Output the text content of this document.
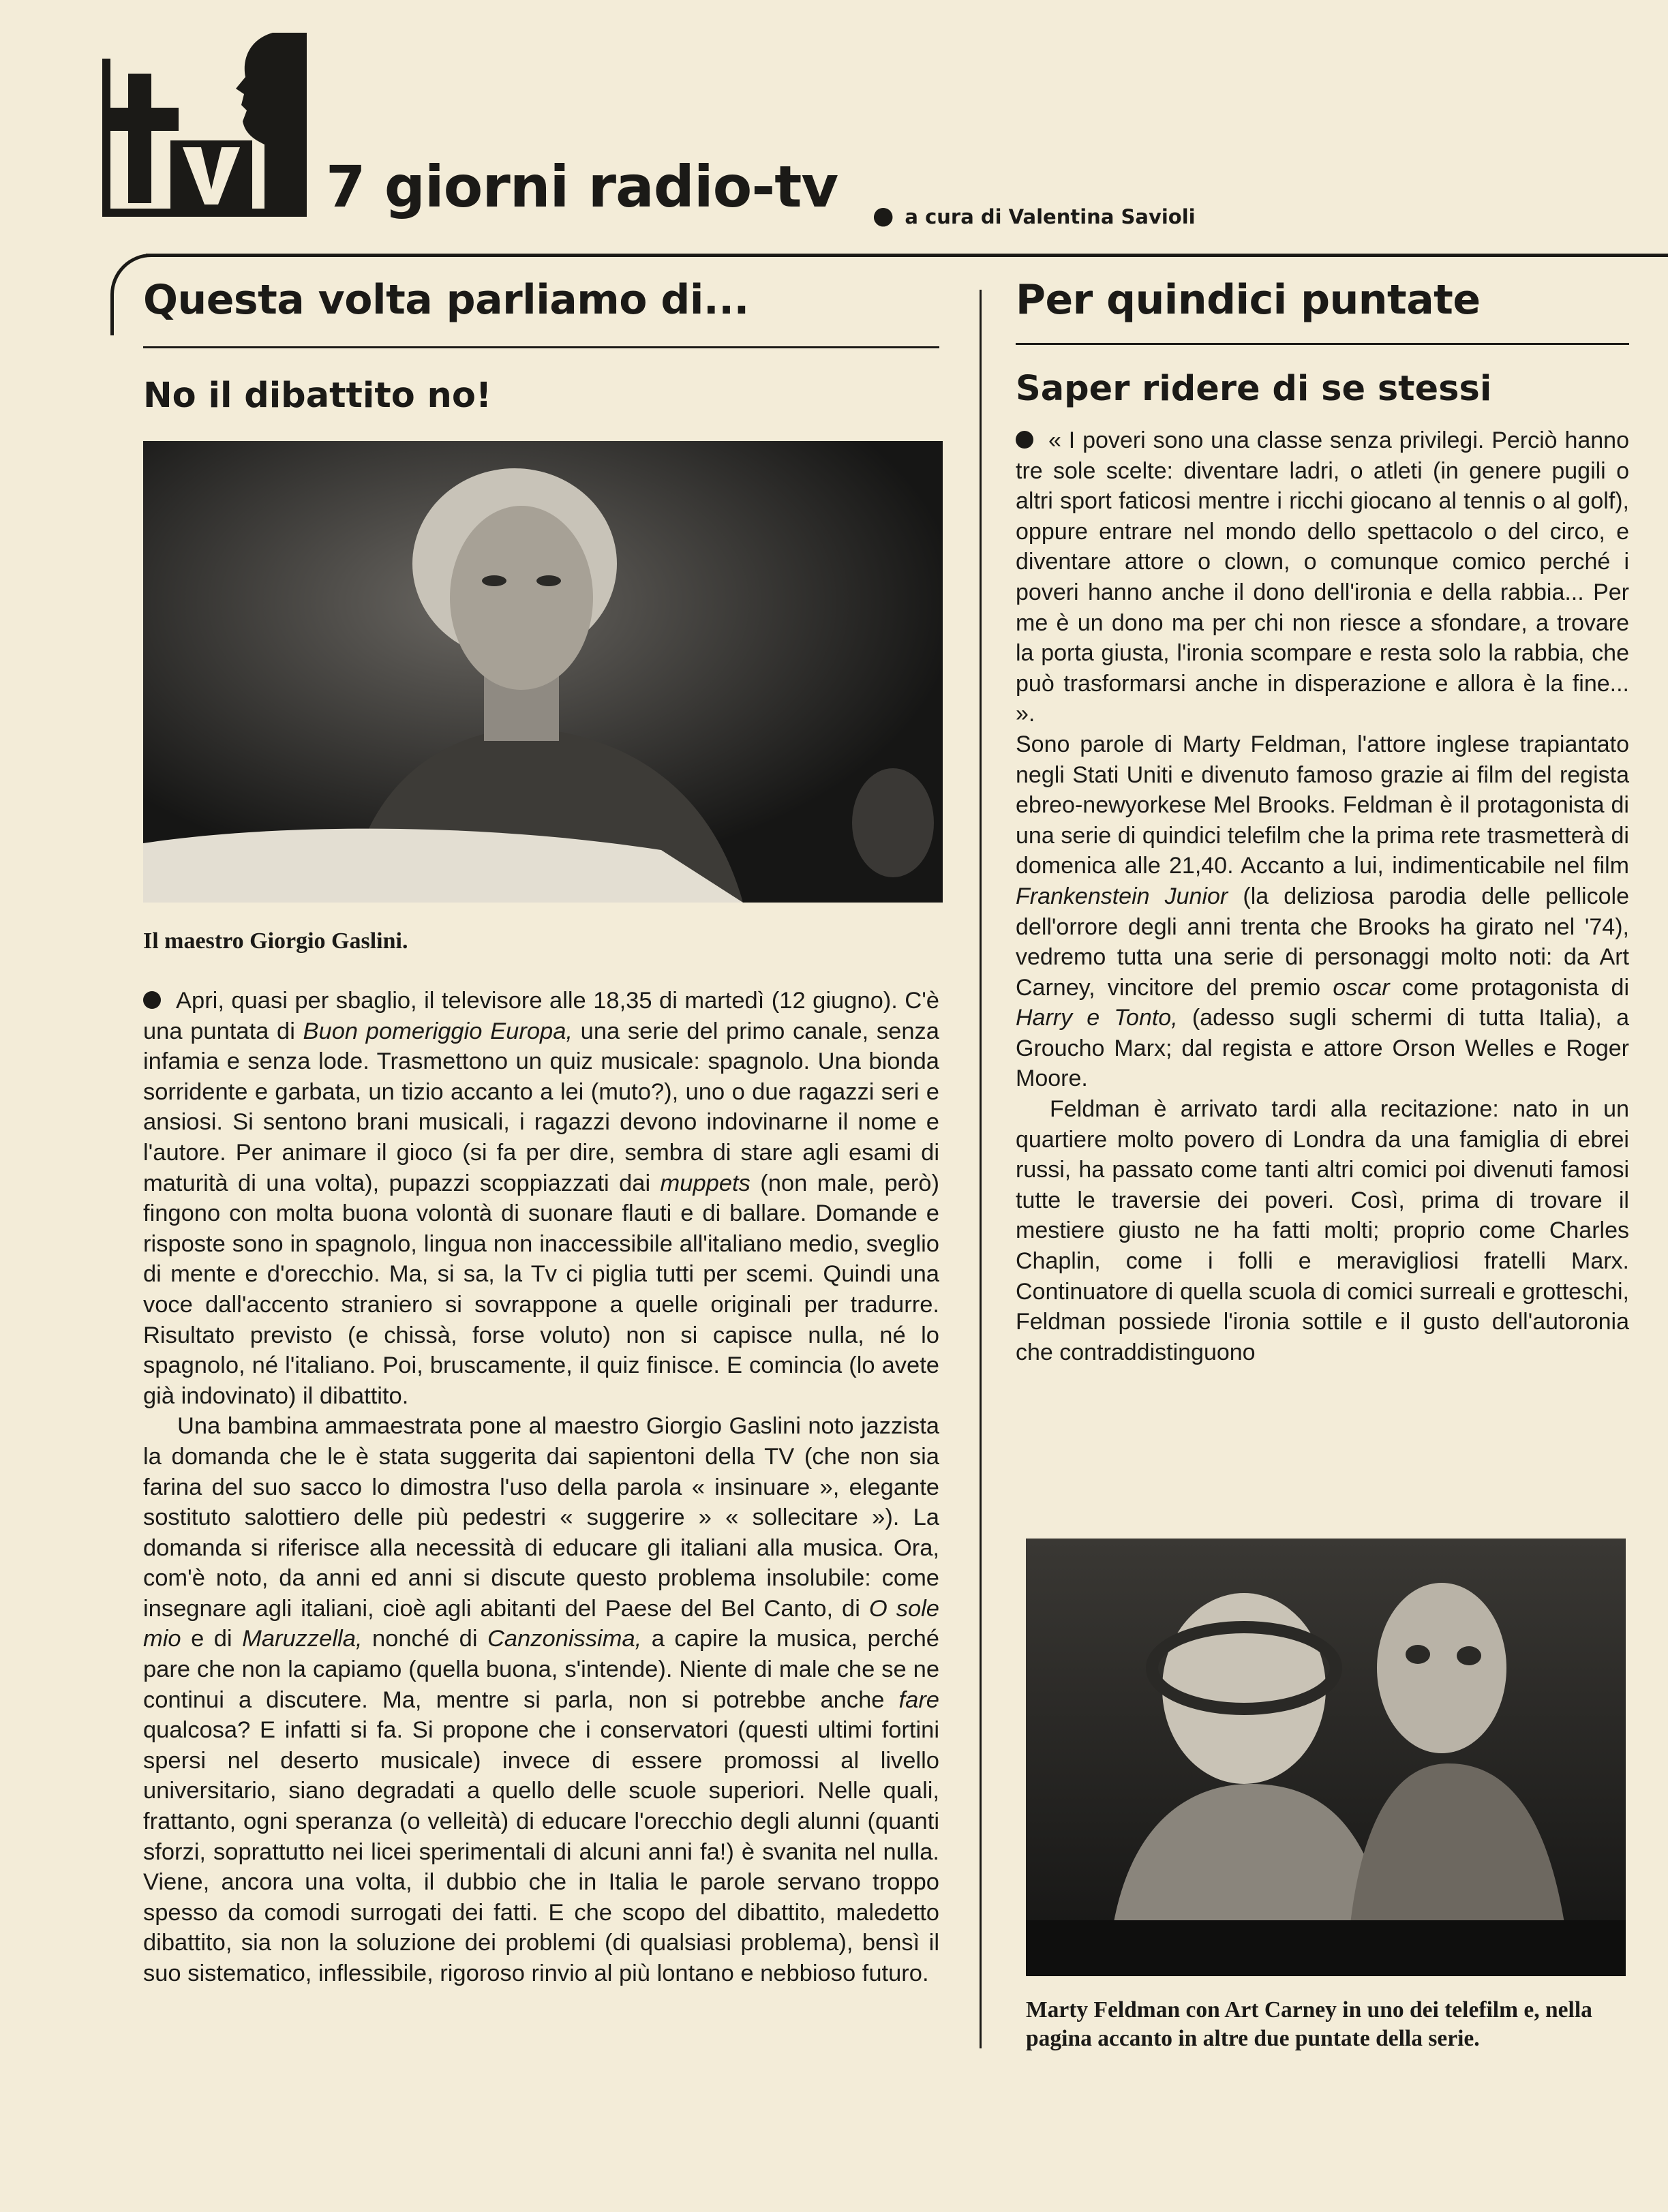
7 giorni radio-tv ● a cura di Valentina Savioli
Questa volta parliamo di...
No il dibattito no!
Il maestro Giorgio Gaslini.

Apri, quasi per sbaglio, il televisore alle 18,35 di martedì (12 giugno). C'è una puntata di Buon pomeriggio Europa, una serie del primo canale, senza infamia e senza lode. Trasmettono un quiz musicale: spagnolo. Una bionda sorridente e garbata, un tizio accanto a lei (muto?), uno o due ragazzi seri e ansiosi. Si sentono brani musicali, i ragazzi devono indovinarne il nome e l'autore. Per animare il gioco (si fa per dire, sembra di stare agli esami di maturità di una volta), pupazzi scoppiazzati dai muppets (non male, però) fingono con molta buona volontà di suonare flauti e di ballare. Domande e risposte sono in spagnolo, lingua non inaccessibile all'italiano medio, sveglio di mente e d'orecchio. Ma, si sa, la Tv ci piglia tutti per scemi. Quindi una voce dall'accento straniero si sovrappone a quelle originali per tradurre. Risultato previsto (e chissà, forse voluto) non si capisce nulla, né lo spagnolo, né l'italiano. Poi, bruscamente, il quiz finisce. E comincia (lo avete già indovinato) il dibattito.

Una bambina ammaestrata pone al maestro Giorgio Gaslini noto jazzista la domanda che le è stata suggerita dai sapientoni della TV (che non sia farina del suo sacco lo dimostra l'uso della parola « insinuare », elegante sostituto salottiero delle più pedestri « suggerire » « sollecitare »). La domanda si riferisce alla necessità di educare gli italiani alla musica. Ora, com'è noto, da anni ed anni si discute questo problema insolubile: come insegnare agli italiani, cioè agli abitanti del Paese del Bel Canto, di O sole mio e di Maruzzella, nonché di Canzonissima, a capire la musica, perché pare che non la capiamo (quella buona, s'intende). Niente di male che se ne continui a discutere. Ma, mentre si parla, non si potrebbe anche fare qualcosa? E infatti si fa. Si propone che i conservatori (questi ultimi fortini spersi nel deserto musicale) invece di essere promossi al livello universitario, siano degradati a quello delle scuole superiori. Nelle quali, frattanto, ogni speranza (o velleità) di educare l'orecchio degli alunni (quanti sforzi, soprattutto nei licei sperimentali di alcuni anni fa!) è svanita nel nulla. Viene, ancora una volta, il dubbio che in Italia le parole servano troppo spesso da comodi surrogati dei fatti. E che scopo del dibattito, maledetto dibattito, sia non la soluzione dei problemi (di qualsiasi problema), bensì il suo sistematico, inflessibile, rigoroso rinvio al più lontano e nebbioso futuro.

Per quindici puntate
Saper ridere di se stessi

« I poveri sono una classe senza privilegi. Perciò hanno tre sole scelte: diventare ladri, o atleti (in genere pugili o altri sport faticosi mentre i ricchi giocano al tennis o al golf), oppure entrare nel mondo dello spettacolo o del circo, e diventare attore o clown, o comunque comico perché i poveri hanno anche il dono dell'ironia e della rabbia... Per me è un dono ma per chi non riesce a sfondare, a trovare la porta giusta, l'ironia scompare e resta solo la rabbia, che può trasformarsi anche in disperazione e allora è la fine... ».

Sono parole di Marty Feldman, l'attore inglese trapiantato negli Stati Uniti e divenuto famoso grazie ai film del regista ebreo-newyorkese Mel Brooks. Feldman è il protagonista di una serie di quindici telefilm che la prima rete trasmetterà di domenica alle 21,40. Accanto a lui, indimenticabile nel film Frankenstein Junior (la deliziosa parodia delle pellicole dell'orrore degli anni trenta che Brooks ha girato nel '74), vedremo tutta una serie di personaggi molto noti: da Art Carney, vincitore del premio oscar come protagonista di Harry e Tonto, (adesso sugli schermi di tutta Italia), a Groucho Marx; dal regista e attore Orson Welles e Roger Moore.

Feldman è arrivato tardi alla recitazione: nato in un quartiere molto povero di Londra da una famiglia di ebrei russi, ha passato come tanti altri comici poi divenuti famosi tutte le traversie dei poveri. Così, prima di trovare il mestiere giusto ne ha fatti molti; proprio come Charles Chaplin, come i folli e meravigliosi fratelli Marx. Continuatore di quella scuola di comici surreali e grotteschi, Feldman possiede l'ironia sottile e il gusto dell'autoronia che contraddistinguono

Marty Feldman con Art Carney in uno dei telefilm e, nella pagina accanto in altre due puntate della serie.
